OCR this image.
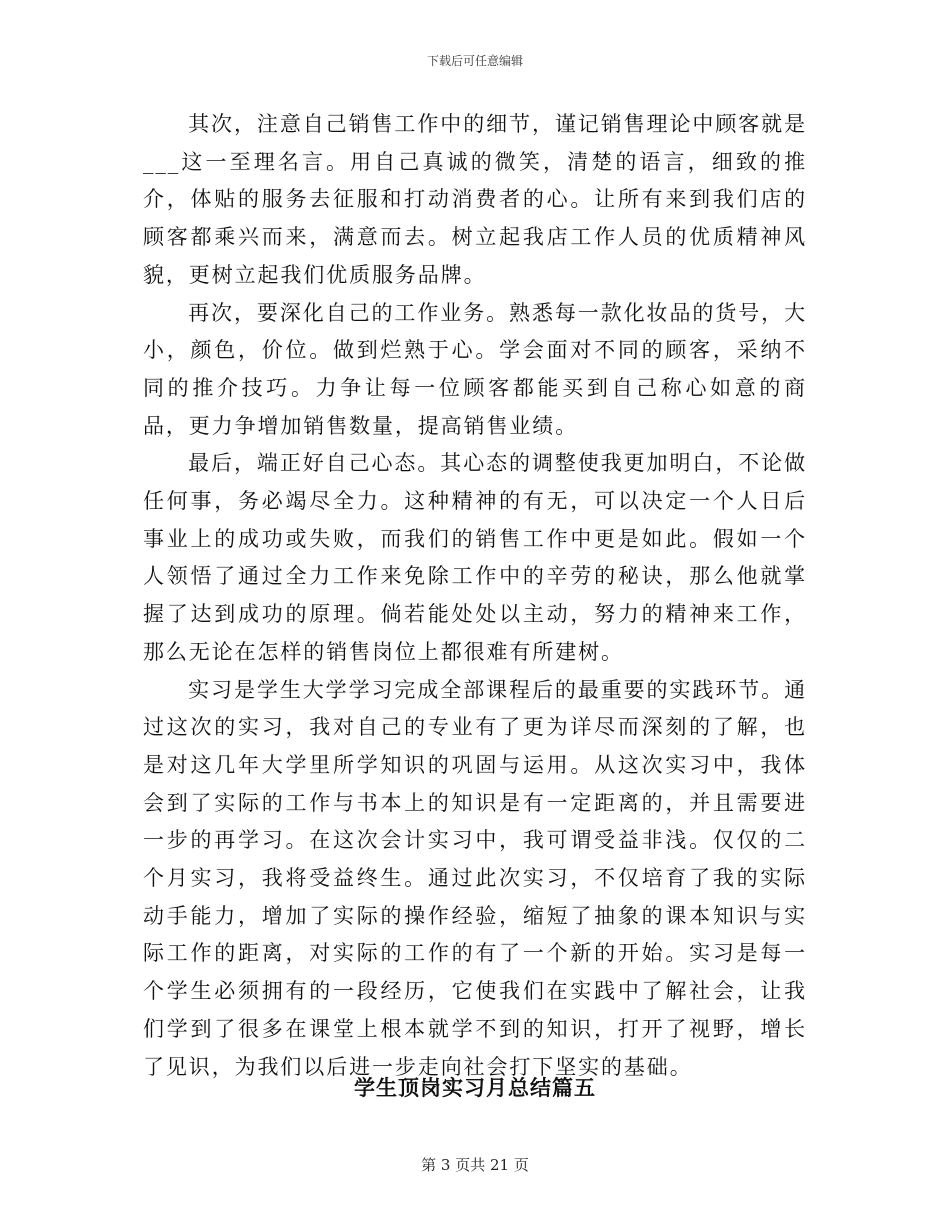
下载后可任意编辑

其次，注意自己销售工作中的细节，谨记销售理论中顾客就是___这一至理名言。用自己真诚的微笑，清楚的语言，细致的推介，体贴的服务去征服和打动消费者的心。让所有来到我们店的顾客都乘兴而来，满意而去。树立起我店工作人员的优质精神风貌，更树立起我们优质服务品牌。

再次，要深化自己的工作业务。熟悉每一款化妆品的货号，大小，颜色，价位。做到烂熟于心。学会面对不同的顾客，采纳不同的推介技巧。力争让每一位顾客都能买到自己称心如意的商品，更力争增加销售数量，提高销售业绩。

最后，端正好自己心态。其心态的调整使我更加明白，不论做任何事，务必竭尽全力。这种精神的有无，可以决定一个人日后事业上的成功或失败，而我们的销售工作中更是如此。假如一个人领悟了通过全力工作来免除工作中的辛劳的秘诀，那么他就掌握了达到成功的原理。倘若能处处以主动，努力的精神来工作，那么无论在怎样的销售岗位上都很难有所建树。

实习是学生大学学习完成全部课程后的最重要的实践环节。通过这次的实习，我对自己的专业有了更为详尽而深刻的了解，也是对这几年大学里所学知识的巩固与运用。从这次实习中，我体会到了实际的工作与书本上的知识是有一定距离的，并且需要进一步的再学习。在这次会计实习中，我可谓受益非浅。仅仅的二个月实习，我将受益终生。通过此次实习，不仅培育了我的实际动手能力，增加了实际的操作经验，缩短了抽象的课本知识与实际工作的距离，对实际的工作的有了一个新的开始。实习是每一个学生必须拥有的一段经历，它使我们在实践中了解社会，让我们学到了很多在课堂上根本就学不到的知识，打开了视野，增长了见识，为我们以后进一步走向社会打下坚实的基础。

学生顶岗实习月总结篇五
第 3 页共 21 页
